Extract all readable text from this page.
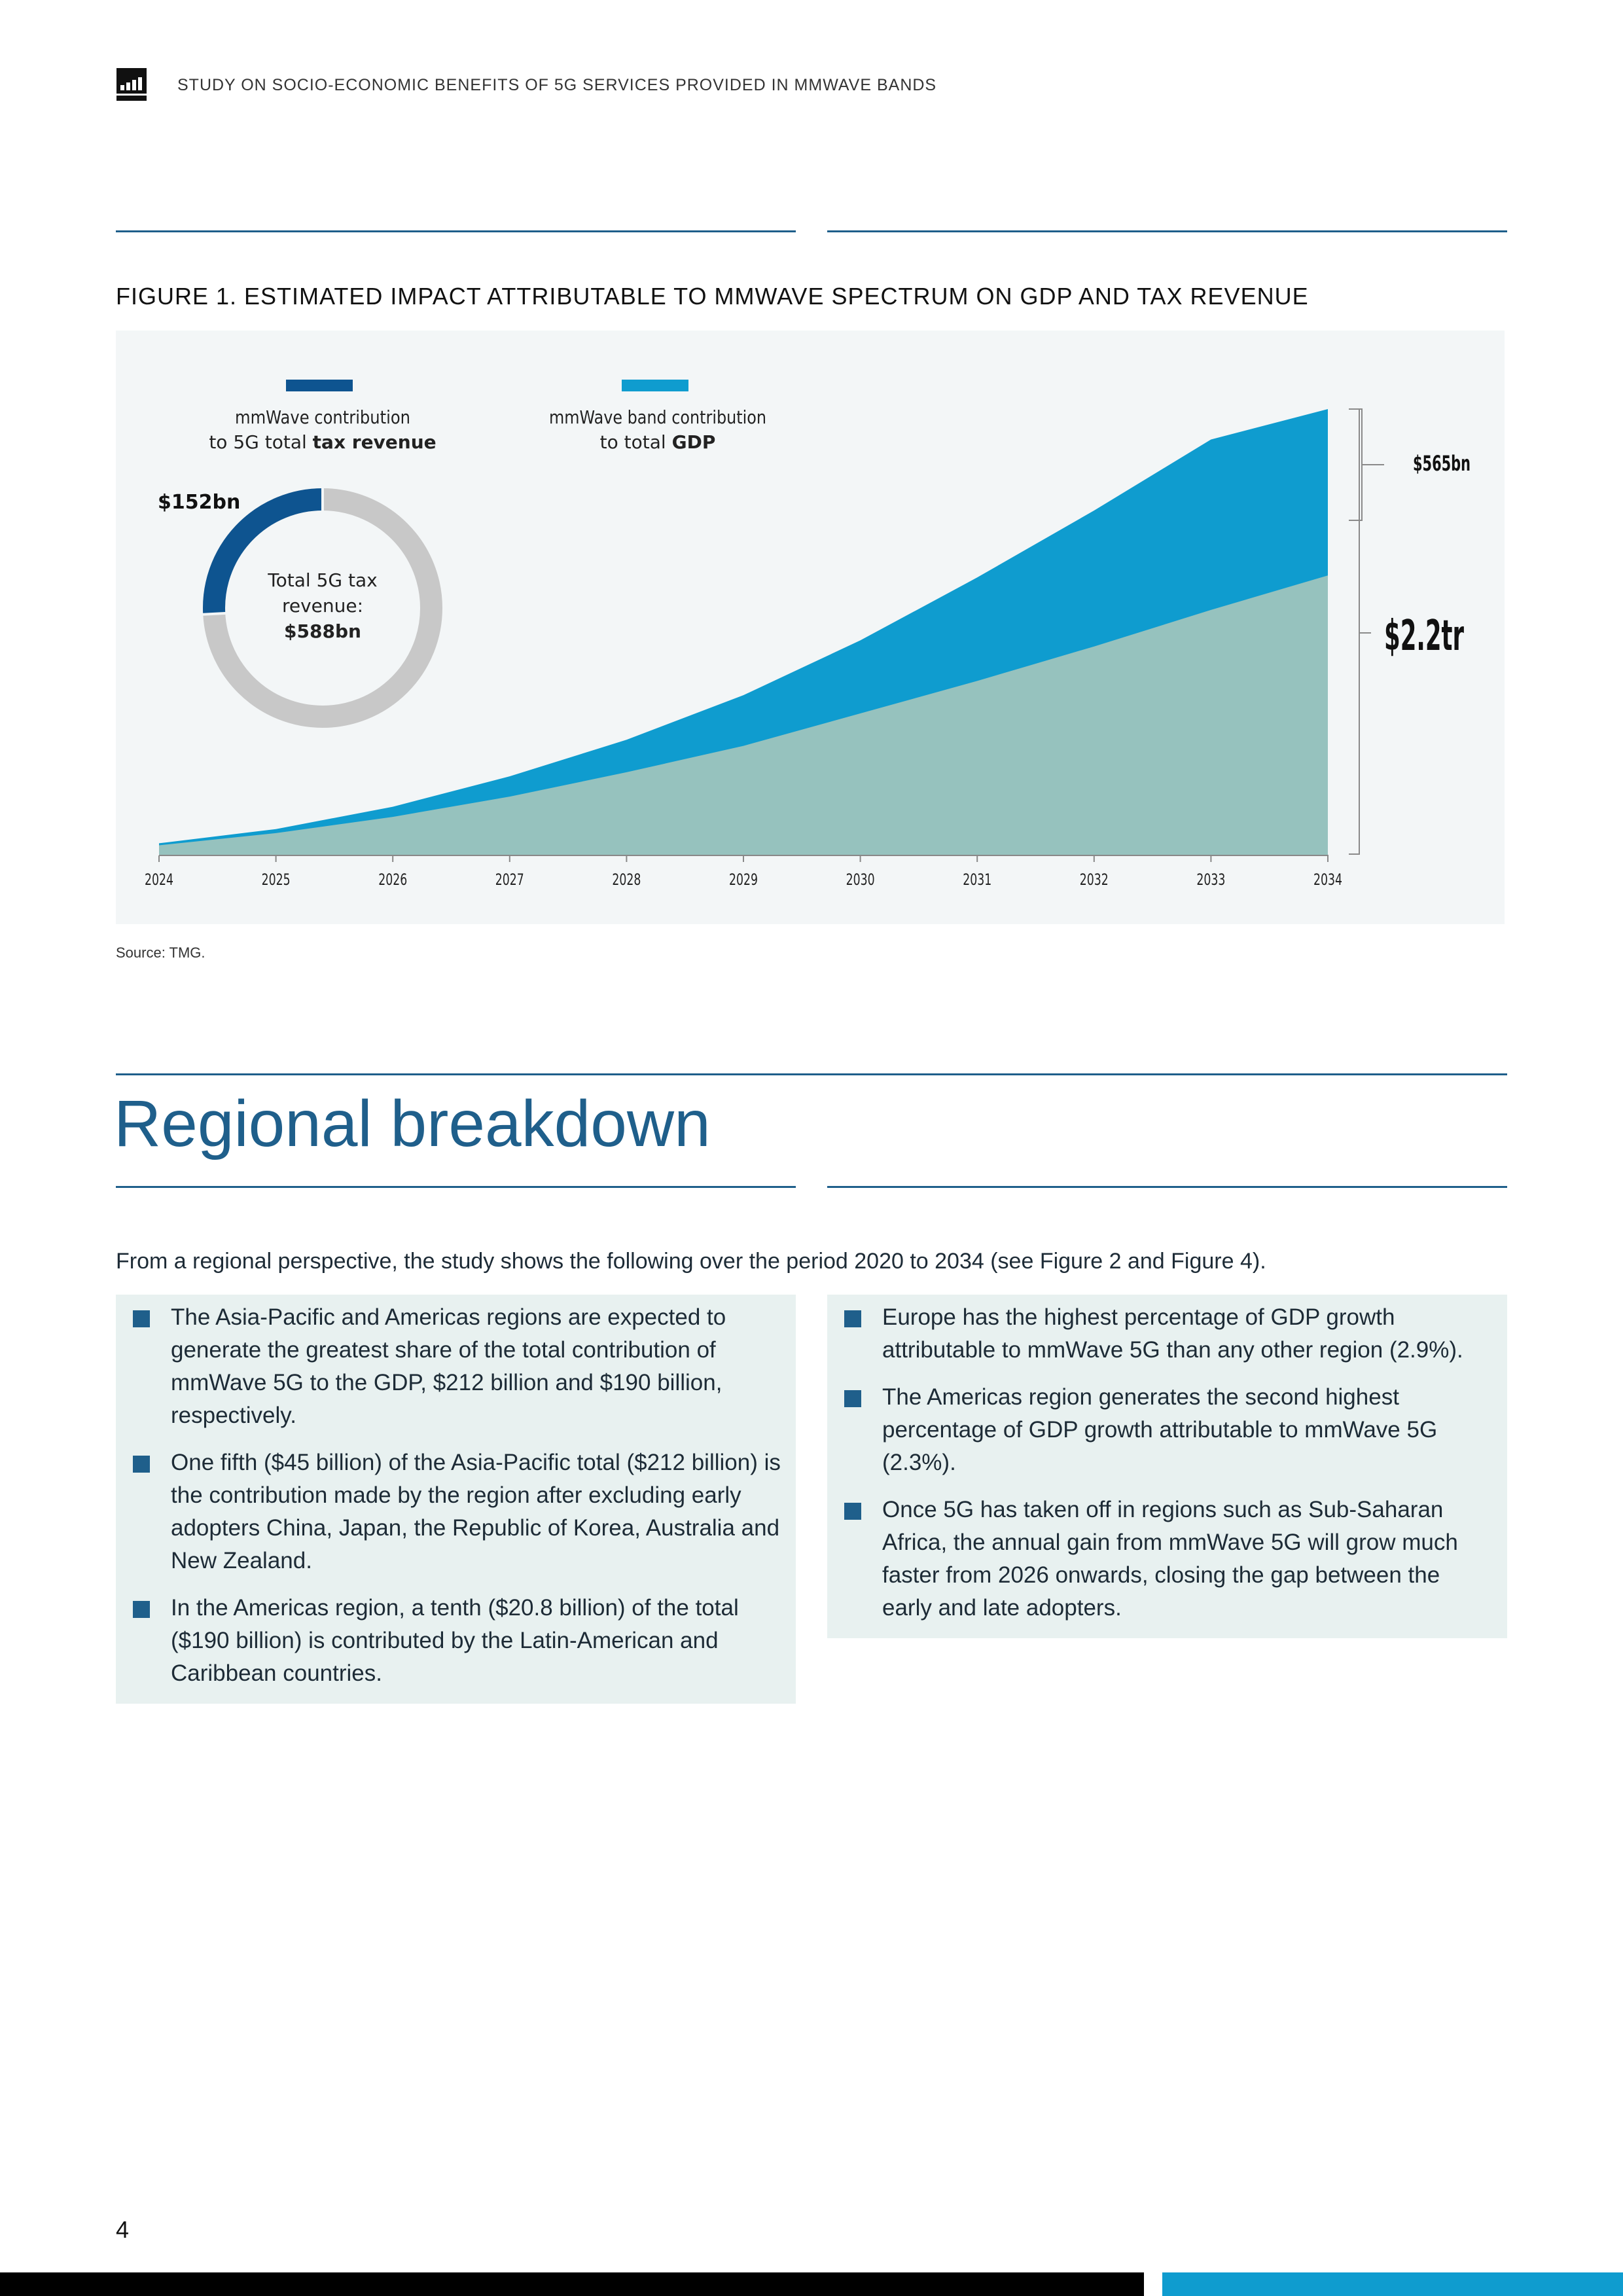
STUDY ON SOCIO-ECONOMIC BENEFITS OF 5G SERVICES PROVIDED IN MMWAVE BANDS
FIGURE 1. ESTIMATED IMPACT ATTRIBUTABLE TO MMWAVE SPECTRUM ON GDP AND TAX REVENUE
mmWave contribution
to 5G total tax revenue
mmWave band contribution
to total GDP
$152bn
Total 5G tax
revenue:
$588bn
2024	2025	2026	2027	2028	2029	2030	2031	2032	2033	2034
$565bn
$2.2tr
Source: TMG.
Regional breakdown
From a regional perspective, the study shows the following over the period 2020 to 2034 (see Figure 2 and Figure 4).
The Asia-Pacific and Americas regions are expected to generate the greatest share of the total contribution of mmWave 5G to the GDP, $212 billion and $190 billion, respectively.
One fifth ($45 billion) of the Asia-Pacific total ($212 billion) is the contribution made by the region after excluding early adopters China, Japan, the Republic of Korea, Australia and New Zealand.
In the Americas region, a tenth ($20.8 billion) of the total ($190 billion) is contributed by the Latin-American and Caribbean countries.
Europe has the highest percentage of GDP growth attributable to mmWave 5G than any other region (2.9%).
The Americas region generates the second highest percentage of GDP growth attributable to mmWave 5G (2.3%).
Once 5G has taken off in regions such as Sub-Saharan Africa, the annual gain from mmWave 5G will grow much faster from 2026 onwards, closing the gap between the early and late adopters.
4
